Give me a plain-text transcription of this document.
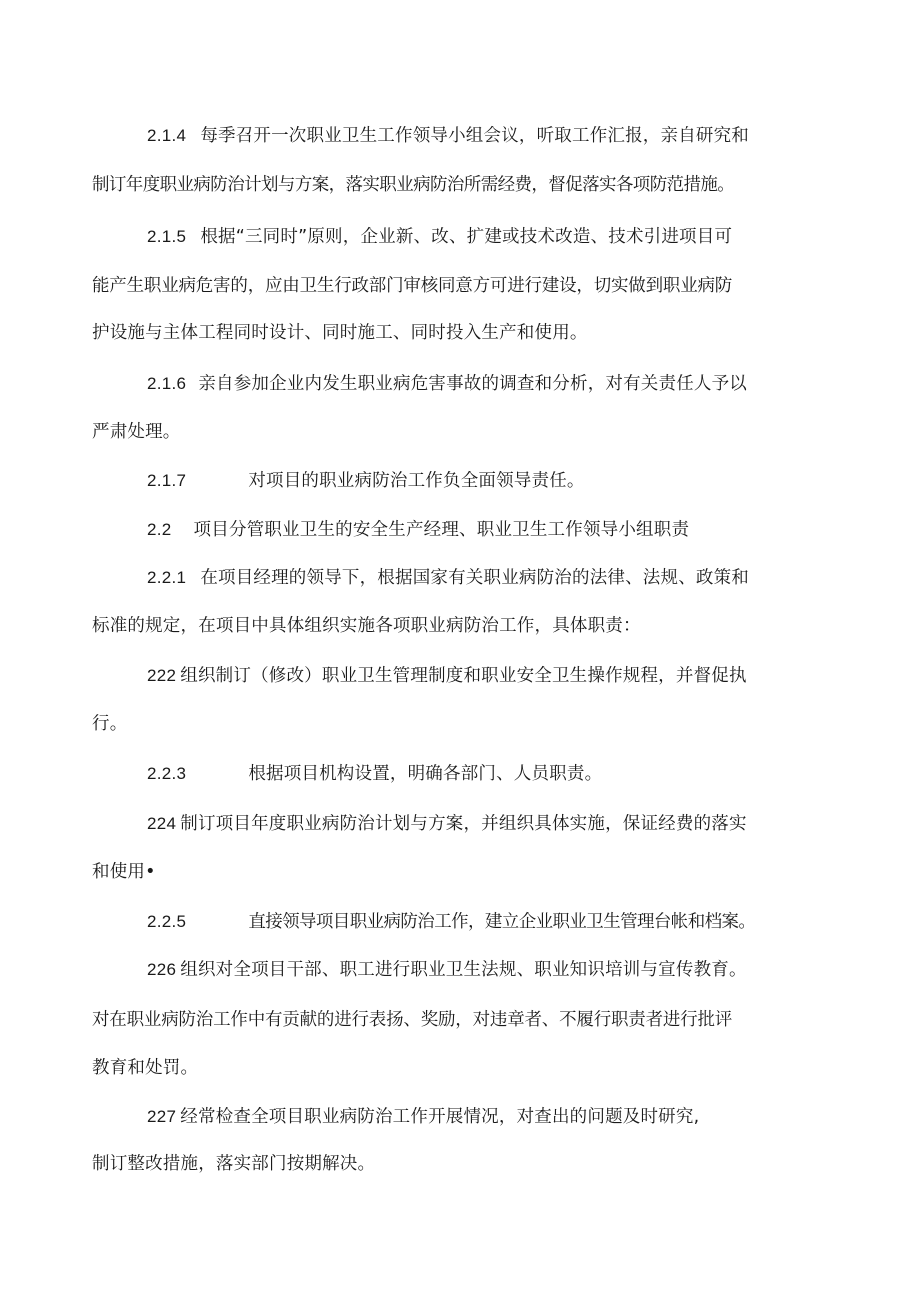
2.1.4 每季召开一次职业卫生工作领导小组会议，听取工作汇报，亲自研究和
制订年度职业病防治计划与方案，落实职业病防治所需经费，督促落实各项防范措施。
2.1.5 根据“三同时”原则，企业新、改、扩建或技术改造、技术引进项目可
能产生职业病危害的，应由卫生行政部门审核同意方可进行建设，切实做到职业病防
护设施与主体工程同时设计、同时施工、同时投入生产和使用。
2.1.6 亲自参加企业内发生职业病危害事故的调查和分析，对有关责任人予以
严肃处理。
2.1.7	对项目的职业病防治工作负全面领导责任。
2.2 项目分管职业卫生的安全生产经理、职业卫生工作领导小组职责
2.2.1 在项目经理的领导下，根据国家有关职业病防治的法律、法规、政策和
标准的规定，在项目中具体组织实施各项职业病防治工作，具体职责：
222 组织制订（修改）职业卫生管理制度和职业安全卫生操作规程，并督促执
行。
2.2.3	根据项目机构设置，明确各部门、人员职责。
224 制订项目年度职业病防治计划与方案，并组织具体实施，保证经费的落实
和使用•
2.2.5	直接领导项目职业病防治工作，建立企业职业卫生管理台帐和档案。
226 组织对全项目干部、职工进行职业卫生法规、职业知识培训与宣传教育。
对在职业病防治工作中有贡献的进行表扬、奖励，对违章者、不履行职责者进行批评
教育和处罚。
227 经常检查全项目职业病防治工作开展情况，对查出的问题及时研究,
制订整改措施，落实部门按期解决。
